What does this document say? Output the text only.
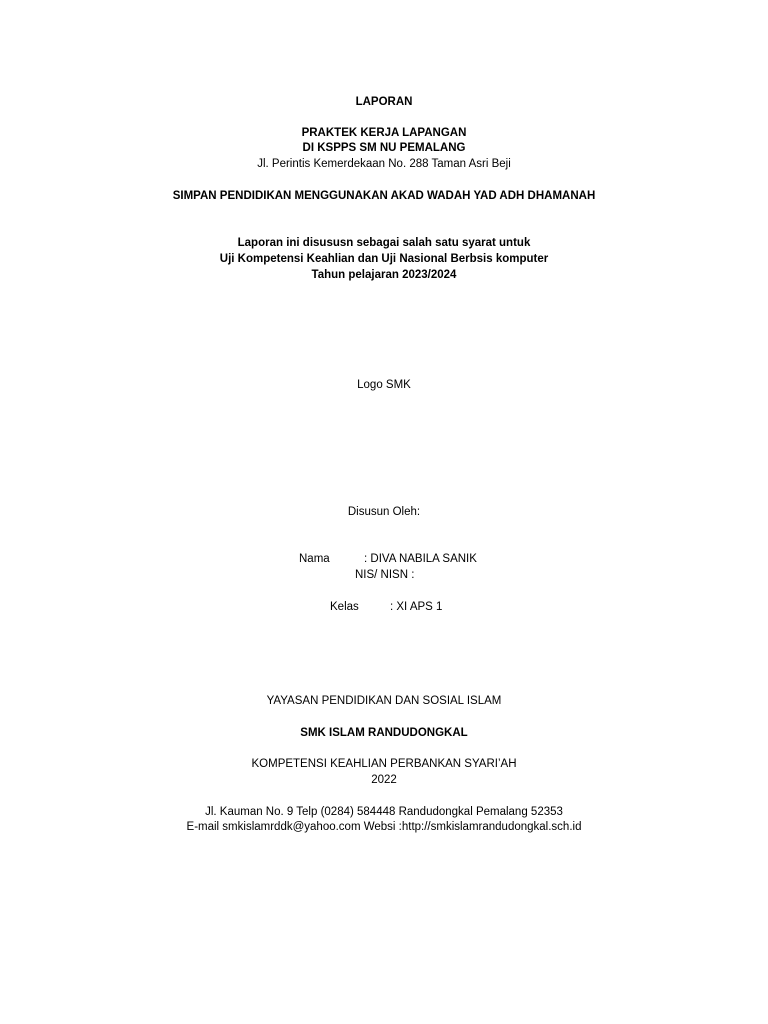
LAPORAN
PRAKTEK KERJA LAPANGAN
DI KSPPS SM NU PEMALANG
Jl. Perintis Kemerdekaan No. 288 Taman Asri Beji
SIMPAN PENDIDIKAN MENGGUNAKAN AKAD WADAH YAD ADH DHAMANAH
Laporan ini disususn sebagai salah satu syarat untuk
Uji Kompetensi Keahlian dan Uji Nasional Berbsis komputer
Tahun pelajaran 2023/2024
Logo SMK
Disusun Oleh:
Nama	: DIVA NABILA SANIK
NIS/ NISN :
Kelas	: XI APS 1
YAYASAN PENDIDIKAN DAN SOSIAL ISLAM
SMK ISLAM RANDUDONGKAL
KOMPETENSI KEAHLIAN PERBANKAN SYARI’AH
2022
Jl. Kauman No. 9 Telp (0284) 584448 Randudongkal Pemalang 52353
E-mail smkislamrddk@yahoo.com Websi :http://smkislamrandudongkal.sch.id
